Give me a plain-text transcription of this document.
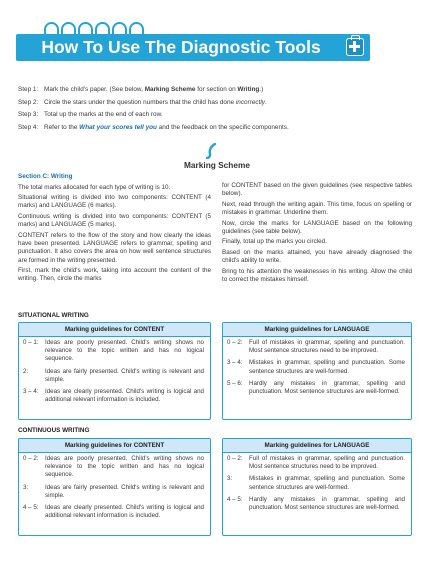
How To Use The Diagnostic Tools
Step 1: Mark the child's paper. (See below, Marking Scheme for section on Writing.)
Step 2: Circle the stars under the question numbers that the child has done incorrectly.
Step 3: Total up the marks at the end of each row.
Step 4: Refer to the What your scores tell you and the feedback on the specific components.
Marking Scheme
Section C: Writing

The total marks allocated for each type of writing is 10.

Situational writing is divided into two components: CONTENT (4 marks) and LANGUAGE (6 marks).

Continuous writing is divided into two components: CONTENT (5 marks) and LANGUAGE (5 marks).

CONTENT refers to the flow of the story and how clearly the ideas have been presented. LANGUAGE refers to grammar, spelling and punctuation. It also covers the area on how well sentence structures are formed in the writing presented.

First, mark the child's work, taking into account the content of the writing. Then, circle the marks

for CONTENT based on the given guidelines (see respective tables below).

Next, read through the writing again. This time, focus on spelling or mistakes in grammar. Underline them.

Now, circle the marks for LANGUAGE based on the following guidelines (see table below).

Finally, total up the marks you circled.

Based on the marks attained, you have already diagnosed the child's ability to write.

Bring to his attention the weaknesses in his writing. Allow the child to correct the mistakes himself.

SITUATIONAL WRITING
Marking guidelines for CONTENT
0 – 1:	Ideas are poorly presented. Child's writing shows no relevance to the topic written and has no logical sequence.
2:	Ideas are fairly presented. Child's writing is relevant and simple.
3 – 4:	Ideas are clearly presented. Child's writing is logical and additional relevant information is included.
Marking guidelines for LANGUAGE
0 – 2:	Full of mistakes in grammar, spelling and punctuation. Most sentence structures need to be improved.
3 – 4:	Mistakes in grammar, spelling and punctuation. Some sentence structures are well-formed.
5 – 6:	Hardly any mistakes in grammar, spelling and punctuation. Most sentence structures are well-formed.
CONTINUOUS WRITING
Marking guidelines for CONTENT
0 – 2:	Ideas are poorly presented. Child's writing shows no relevance to the topic written and has no logical sequence.
3:	Ideas are fairly presented. Child's writing is relevant and simple.
4 – 5:	Ideas are clearly presented. Child's writing is logical and additional relevant information is included.
Marking guidelines for LANGUAGE
0 – 2:	Full of mistakes in grammar, spelling and punctuation. Most sentence structures need to be improved.
3:	Mistakes in grammar, spelling and punctuation. Some sentence structures are well-formed.
4 – 5:	Hardly any mistakes in grammar, spelling and punctuation. Most sentence structures are well-formed.
